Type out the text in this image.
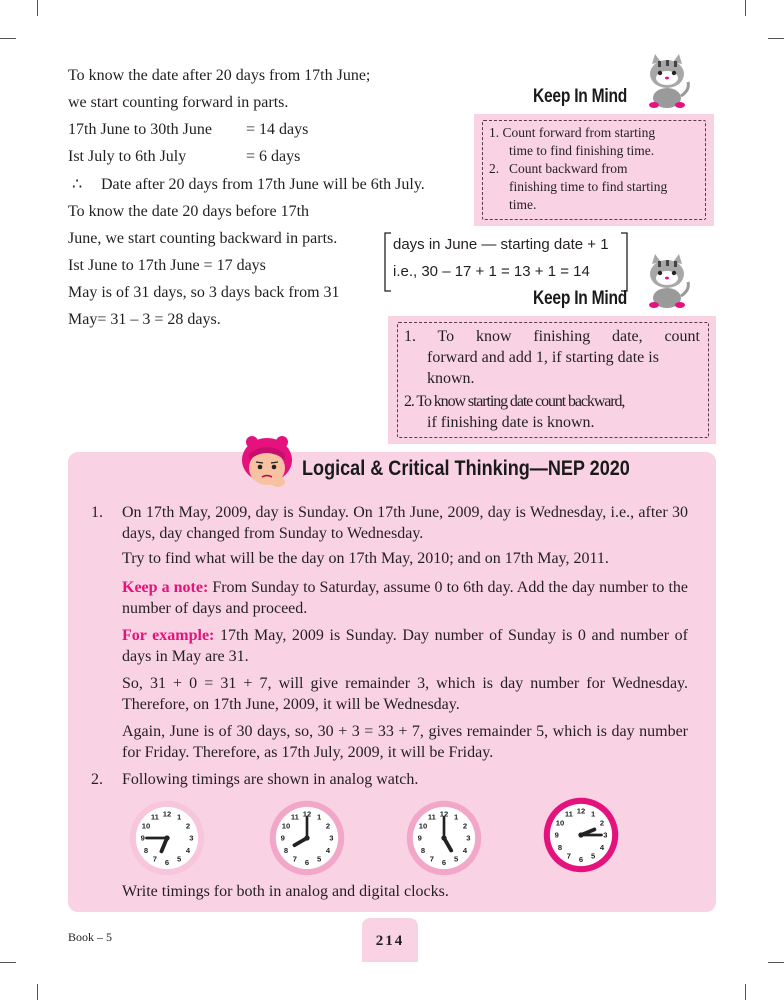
To know the date after 20 days from 17th June;
we start counting forward in parts.
17th June to 30th June = 14 days
Ist July to 6th July	= 6 days
∴ Date after 20 days from 17th June will be 6th July.
To know the date 20 days before 17th
June, we start counting backward in parts.
Ist June to 17th June = 17 days
May is of 31 days, so 3 days back from 31
May= 31 – 3 = 28 days.
Keep In Mind
1. Count forward from starting
time to find finishing time.
2. Count backward from
finishing time to find starting
time.
days in June — starting date + 1
i.e., 30 – 17 + 1 = 13 + 1 = 14
Keep In Mind
1. To know finishing date, count
forward and add 1, if starting date is
known.
2. To know starting date count backward,
if finishing date is known.
Logical & Critical Thinking—NEP 2020
1. On 17th May, 2009, day is Sunday. On 17th June, 2009, day is Wednesday, i.e., after 30 days, day changed from Sunday to Wednesday.
Try to find what will be the day on 17th May, 2010; and on 17th May, 2011.
Keep a note: From Sunday to Saturday, assume 0 to 6th day. Add the day number to the number of days and proceed.
For example: 17th May, 2009 is Sunday. Day number of Sunday is 0 and number of days in May are 31.
So, 31 + 0 = 31 + 7, will give remainder 3, which is day number for Wednesday. Therefore, on 17th June, 2009, it will be Wednesday.
Again, June is of 30 days, so, 30 + 3 = 33 + 7, gives remainder 5, which is day number for Friday. Therefore, as 17th July, 2009, it will be Friday.
2. Following timings are shown in analog watch.
12 1
2
3
4
5
6
7
8
9
10
11	12 1
2
3
4
5
6
7
8
9
10
11	12 1
2
3
4
5
6
7
8
9
10
11
12 1
2
3
4
5
6
7
8
9
10
11
Write timings for both in analog and digital clocks.
Book – 5	214
